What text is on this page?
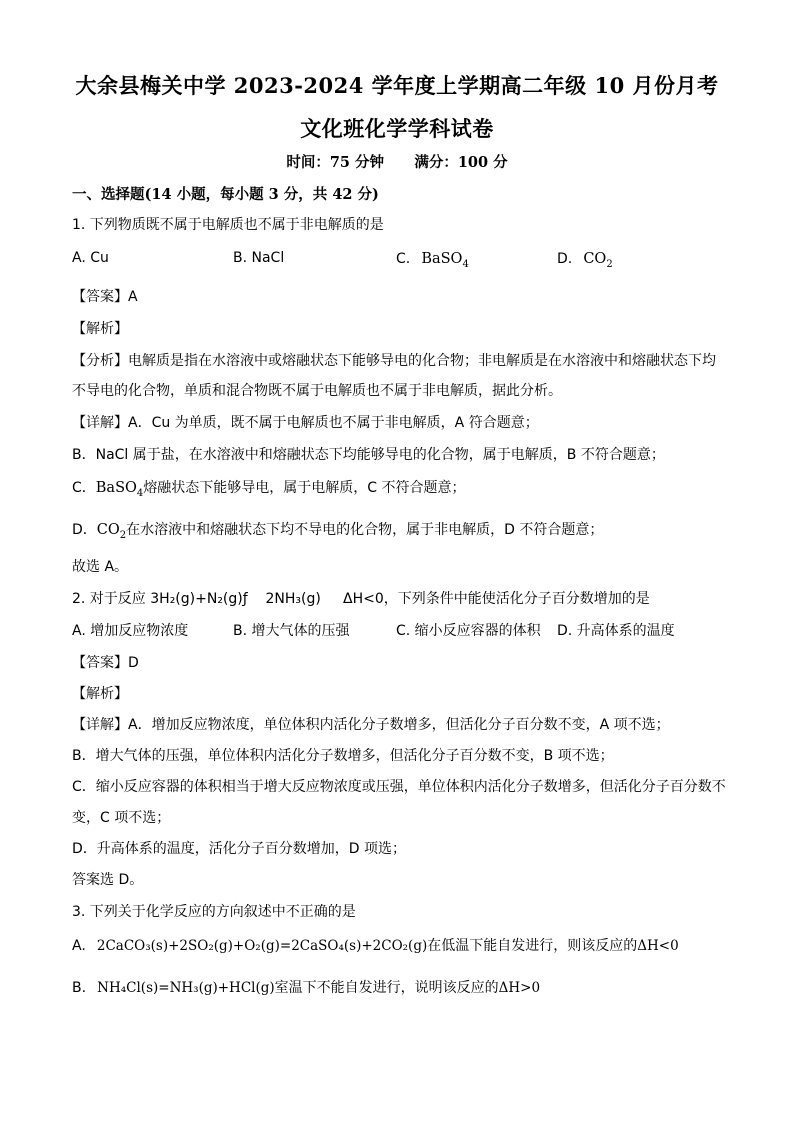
大余县梅关中学 2023-2024 学年度上学期高二年级 10 月份月考
文化班化学学科试卷
时间：75 分钟      满分：100 分
一、选择题(14 小题，每小题 3 分，共 42 分)
1. 下列物质既不属于电解质也不属于非电解质的是
A. Cu	B. NaCl	C. BaSO$_4$	D. $CO_2$
【答案】A
【解析】
【分析】电解质是指在水溶液中或熔融状态下能够导电的化合物；非电解质是在水溶液中和熔融状态下均
不导电的化合物，单质和混合物既不属于电解质也不属于非电解质，据此分析。
【详解】A．Cu 为单质，既不属于电解质也不属于非电解质，A 符合题意；
B．NaCl 属于盐，在水溶液中和熔融状态下均能够导电的化合物，属于电解质，B 不符合题意；
C．BaSO$_4$熔融状态下能够导电，属于电解质，C 不符合题意；
D．$CO_2$在水溶液中和熔融状态下均不导电的化合物，属于非电解质，D 不符合题意；
故选 A。
2. 对于反应 3H₂(g)+N₂(g)ƒ    2NH₃(g)     ΔH<0，下列条件中能使活化分子百分数增加的是
A. 增加反应物浓度	B. 增大气体的压强	C. 缩小反应容器的体积 D. 升高体系的温度
【答案】D
【解析】
【详解】A．增加反应物浓度，单位体积内活化分子数增多，但活化分子百分数不变，A 项不选；
B．增大气体的压强，单位体积内活化分子数增多，但活化分子百分数不变，B 项不选；
C．缩小反应容器的体积相当于增大反应物浓度或压强，单位体积内活化分子数增多，但活化分子百分数不
变，C 项不选；
D．升高体系的温度，活化分子百分数增加，D 项选；
答案选 D。
3. 下列关于化学反应的方向叙述中不正确的是
A. 2CaCO₃(s)+2SO₂(g)+O₂(g)=2CaSO₄(s)+2CO₂(g)在低温下能自发进行，则该反应的ΔH<0
B. NH₄Cl(s)=NH₃(g)+HCl(g)室温下不能自发进行，说明该反应的ΔH>0
